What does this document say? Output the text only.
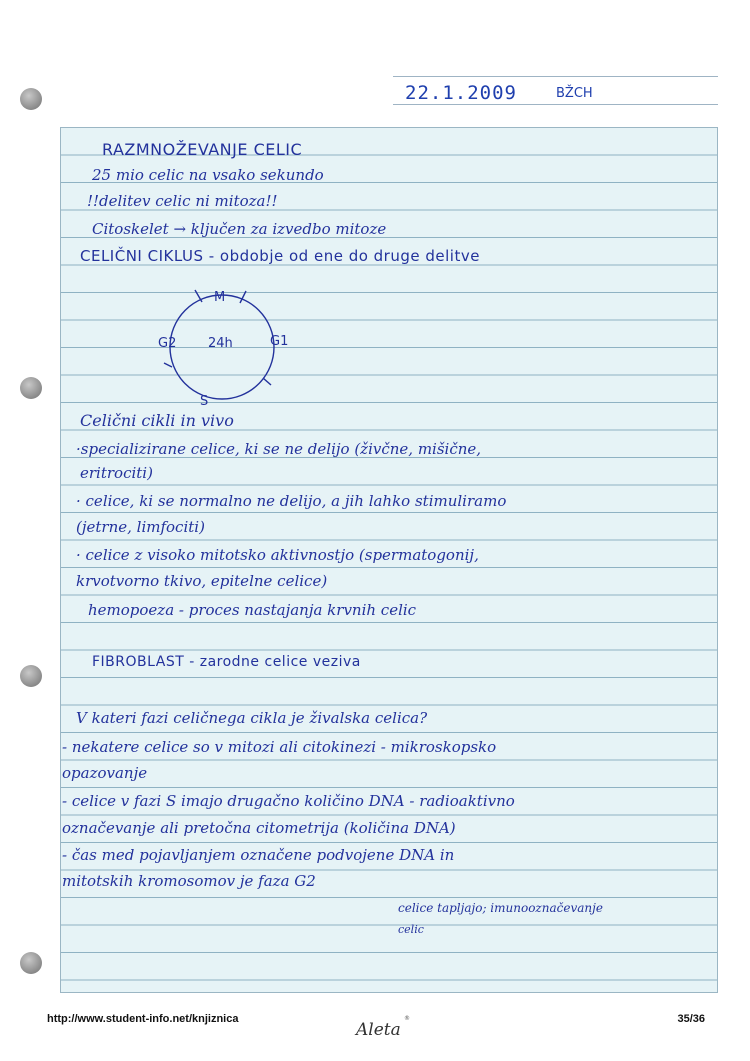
22.1.2009	BŽCH
RAZMNOŽEVANJE CELIC
25 mio celic na vsako sekundo
!!delitev celic ni mitoza!!
Citoskelet → ključen za izvedbo mitoze
CELIČNI CIKLUS - obdobje od ene do druge delitve
M
G2 24h	G1
S
Celični cikli in vivo
·specializirane celice, ki se ne delijo (živčne, mišične,
eritrociti)
· celice, ki se normalno ne delijo, a jih lahko stimuliramo
(jetrne, limfociti)
· celice z visoko mitotsko aktivnostjo (spermatogonij,
krvotvorno tkivo, epitelne celice)
hemopoeza - proces nastajanja krvnih celic
FIBROBLAST - zarodne celice veziva
V kateri fazi celičnega cikla je živalska celica?
- nekatere celice so v mitozi ali citokinezi - mikroskopsko
opazovanje
- celice v fazi S imajo drugačno količino DNA - radioaktivno
označevanje ali pretočna citometrija (količina DNA)
- čas med pojavljanjem označene podvojene DNA in
mitotskih kromosomov je faza G2
celice tapljajo; imunooznačevanje
celic
http://www.student-info.net/knjiznica
Aleta
®	35/36
